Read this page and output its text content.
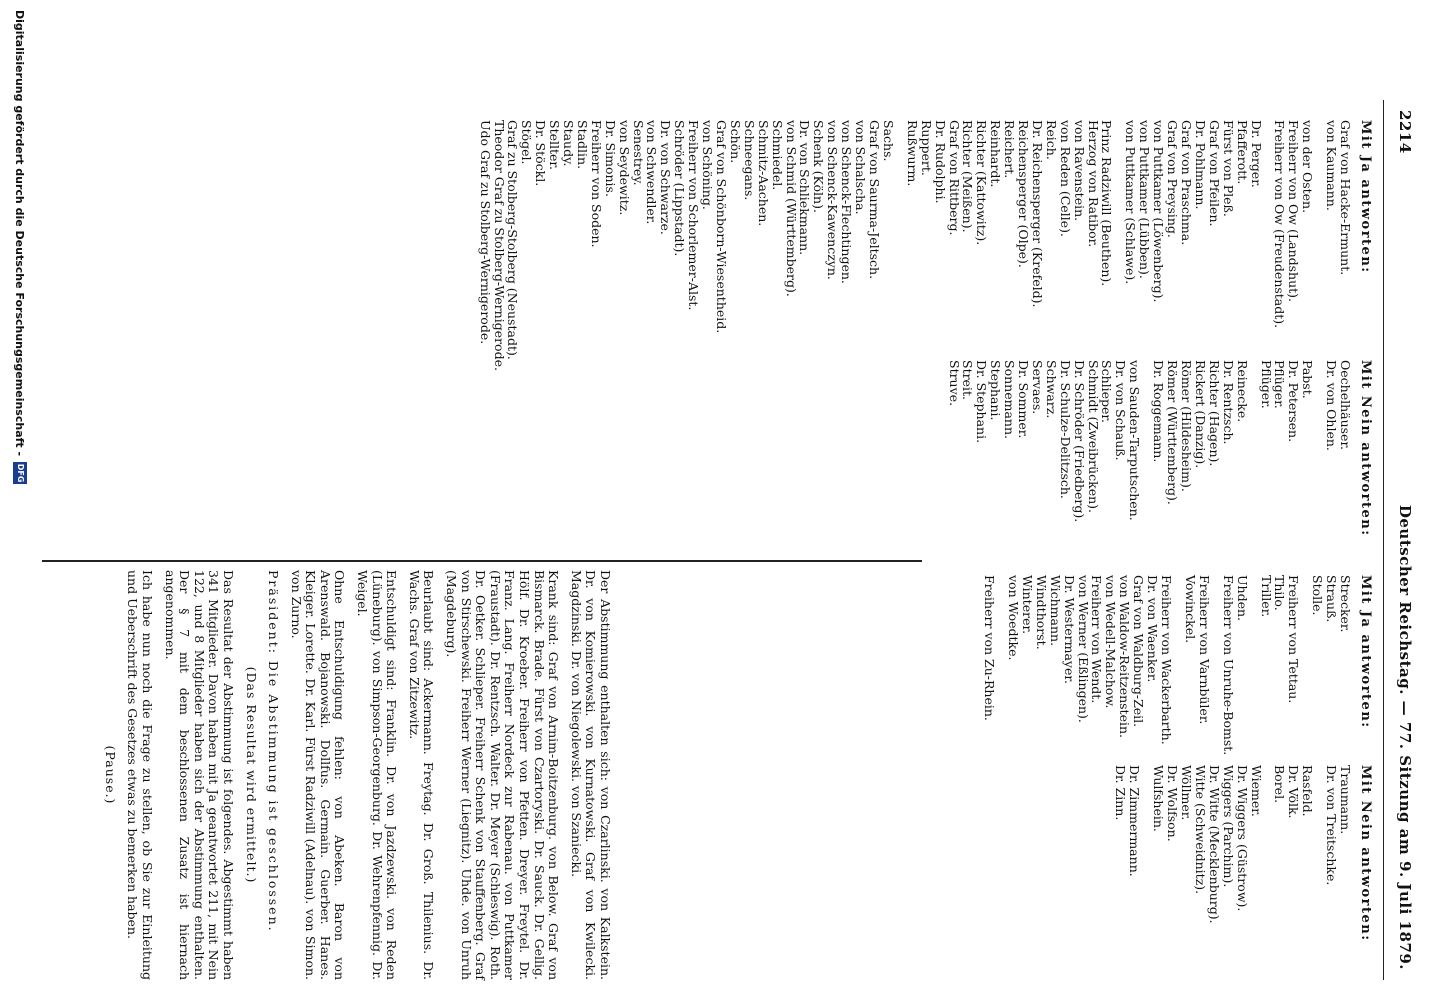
2214
Deutscher Reichstag. — 77. Sitzung am 9. Juli 1879.
Mit Ja antworten:
Graf von Hacke-Ermunt.
von Kaumann.
von der Osten.
Freiherr von Ow (Landshut).
Freiherr von Ow (Freudenstadt).
Dr. Perger.
Pfafferott.
Fürst von Pleß.
Graf von Pfeilen.
Dr. Pohlmann.
Graf von Praschma.
Graf von Preysing.
von Puttkamer (Löwenberg).
von Puttkamer (Lübben).
von Puttkamer (Schlawe).
Prinz Radziwill (Beuthen).
Herzog von Ratibor.
von Ravenstein.
von Reden (Celle).
Reich.
Dr. Reichensperger (Krefeld).
Reichensperger (Olpe).
Reichert.
Reinhardt.
Richter (Kattowitz).
Richter (Meißen).
Graf von Rittberg.
Dr. Rudolphi.
Ruppert.
Rußwurm.
Sachs.
Graf von Saurma-Jeltsch.
von Schalscha.
von Schenck-Flechtingen.
von Schenck-Kawenczyn.
Schenk (Köln).
Dr. von Schliekmann.
von Schmid (Württemberg).
Schmiedel.
Schmitz-Aachen.
Schneegans.
Schön.
Graf von Schönborn-Wiesentheid.
von Schöning.
Freiherr von Schorlemer-Alst.
Schröder (Lippstadt).
Dr. von Schwarze.
von Schwendler.
Senestrey.
von Seydewitz.
Dr. Simonis.
Freiherr von Soden.
Stadlin.
Staudy.
Stellter.
Dr. Stöckl.
Stögel.
Graf zu Stolberg-Stolberg (Neustadt).
Theodor Graf zu Stolberg-Wernigerode.
Udo Graf zu Stolberg-Wernigerode.
Mit Nein antworten:
Oechelhäuser.
Dr. von Ohlen.
Pabst.
Dr. Petersen.
Pflüger.
Pflüger.
Reinecke.
Dr. Rentzsch.
Richter (Hagen).
Rickert (Danzig).
Römer (Hildesheim).
Römer (Württemberg).
Dr. Roggemann.
von Sauden-Tarputschen.
Dr. von Schauß.
Schlieper.
Schmidt (Zweibrücken).
Dr. Schröder (Friedberg).
Dr. Schulze-Delitzsch.
Schwarz.
Servaes.
Dr. Sommer.
Sonnemann.
Stephani.
Dr. Stephani.
Streit.
Struve.
Mit Ja antworten:
Strecker.
Strauß.
Stolle.
Freiherr von Tettau.
Thilo.
Triller.
Uhden.
Freiherr von Unruhe-Bomst.
Freiherr von Varnbüler.
Vowinckel.
Freiherr von Wackerbarth.
Dr. von Waenker.
Graf von Waldburg-Zeil.
von Waldow-Reitzenstein.
von Wedell-Malchow.
Freiherr von Wendt.
von Werner (Eßlingen).
Dr. Westermayer.
Wichmann.
Windthorst.
Winterer.
von Woedtke.
Freiherr von Zu-Rhein.
Mit Nein antworten:
Traumann.
Dr. von Treitschke.
Rasfeld.
Dr. Völk.
Borel.
Wiemer.
Dr. Wiggers (Güstrow).
Wiggers (Parchim).
Dr. Witte (Mecklenburg).
Witte (Schweidnitz).
Wöllmer.
Dr. Wolfson.
Wulfshein.
Dr. Zimmermann.
Dr. Zinn.

Der Abstimmung enthalten sich: von Czarlinski. von Kalkstein. Dr. von Komierowski. von Kurnatowski. Graf von Kwilecki. Magdzinski. Dr. von Niegolewski. von Szaniecki.

Krank sind: Graf von Arnim-Boitzenburg. von Below. Graf von Bismarck. Brade. Fürst von Czartoryski. Dr. Sauck. Dr. Gellig. Hölf. Dr. Kroeber. Freiherr von Pfetten. Dreyer. Freytel. Dr. Franz. Lang. Freiherr Nordeck zur Rabenau. von Puttkamer (Fraustadt). Dr. Rentzsch. Walter. Dr. Meyer (Schleswig). Roth. Dr. Oetker. Schlieper. Freiherr Schenk von Stauffenberg. Graf von Stirschewski. Freiherr Werner (Liegnitz). Uhde. von Unruh (Magdeburg).

Beurlaubt sind: Ackermann. Freytag. Dr. Groß. Thilenius. Dr. Wachs. Graf von Zitzewitz.

Entschuldigt sind: Franklin. Dr. von Jazdzewski. von Reden (Lüneburg). von Simpson-Georgenburg. Dr. Wehrenpfennig. Dr. Weigel.

Ohne Entschuldigung fehlen: von Abeken. Baron von Arenswald. Bojanowski. Dollfus. Germain. Guerber. Hanes. Kleiger. Lorette. Dr. Karl. Fürst Radziwill (Adelnau). von Simon. von Zurno.

Präsident: Die Abstimmung ist geschlossen.

(Das Resultat wird ermittelt.)

Das Resultat der Abstimmung ist folgendes. Abgestimmt haben 341 Mitglieder. Davon haben mit Ja geantwortet 211, mit Nein 122, und 8 Mitglieder haben sich der Abstimmung enthalten. Der § 7 mit dem beschlossenen Zusatz ist hiernach angenommen.

Ich habe nun noch die Frage zu stellen, ob Sie zur Einleitung und Ueberschrift des Gesetzes etwas zu bemerken haben.

(Pause.)

Digitalisierung gefördert durch die Deutsche Forschungsgemeinschaft -
DFG
